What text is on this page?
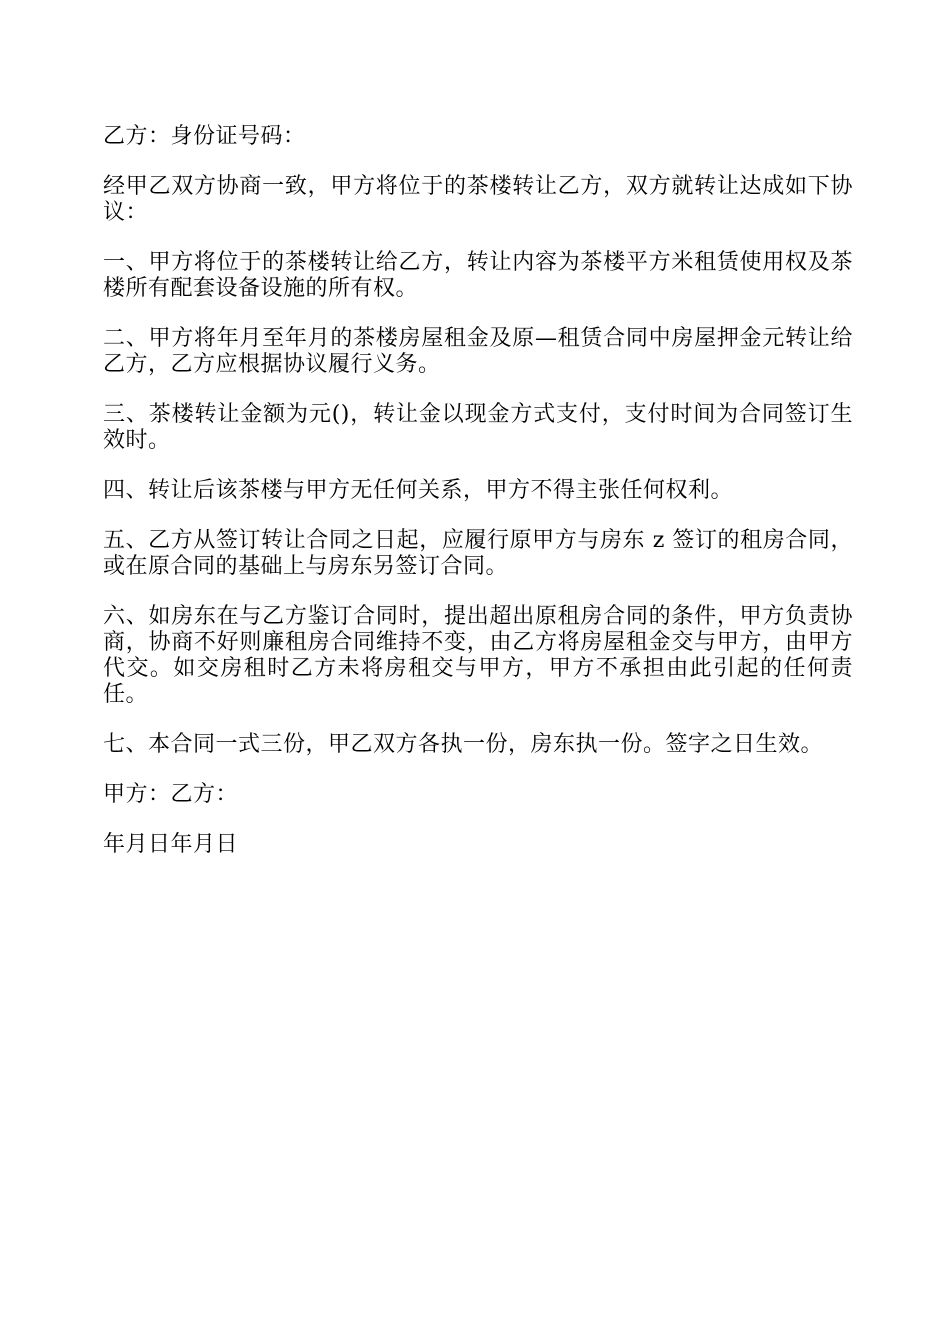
乙方：身份证号码：

经甲乙双方协商一致，甲方将位于的茶楼转让乙方，双方就转让达成如下协议：

一、甲方将位于的茶楼转让给乙方，转让内容为茶楼平方米租赁使用权及茶楼所有配套设备设施的所有权。

二、甲方将年月至年月的茶楼房屋租金及原—租赁合同中房屋押金元转让给乙方，乙方应根据协议履行义务。

三、茶楼转让金额为元()，转让金以现金方式支付，支付时间为合同签订生效时。

四、转让后该茶楼与甲方无任何关系，甲方不得主张任何权利。

五、乙方从签订转让合同之日起，应履行原甲方与房东 z 签订的租房合同，或在原合同的基础上与房东另签订合同。

六、如房东在与乙方鉴订合同时，提出超出原租房合同的条件，甲方负责协商，协商不好则廉租房合同维持不变，由乙方将房屋租金交与甲方，由甲方代交。如交房租时乙方未将房租交与甲方，甲方不承担由此引起的任何责任。

七、本合同一式三份，甲乙双方各执一份，房东执一份。签字之日生效。

甲方：乙方：

年月日年月日
